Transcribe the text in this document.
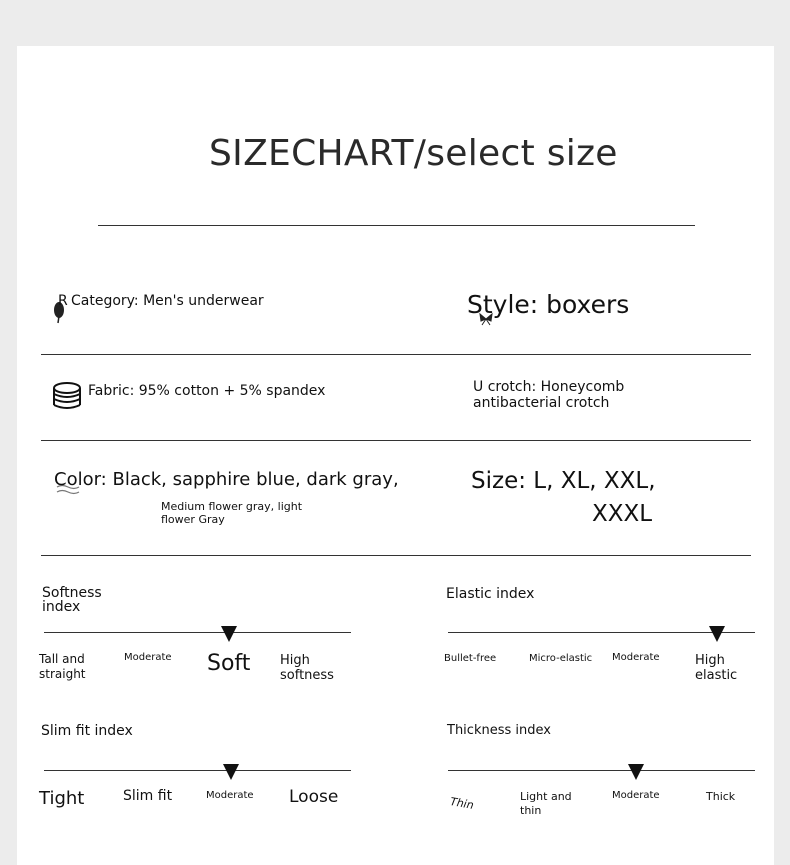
SIZECHART/select size
R Category: Men's underwear	Style: boxers
Fabric: 95% cotton + 5% spandex	U crotch: Honeycomb
antibacterial crotch
Color: Black, sapphire blue, dark gray,
Medium flower gray, light
flower Gray
Size: L, XL, XXL,
XXXL
Softness
index
Tall and straight
Moderate Soft High softness
Elastic index
Bullet-free	Micro-elastic Moderate	High elastic
Slim fit index
Tight	Slim fit	Moderate Loose
Thickness index
Thin	Light and thin
Moderate	Thick
